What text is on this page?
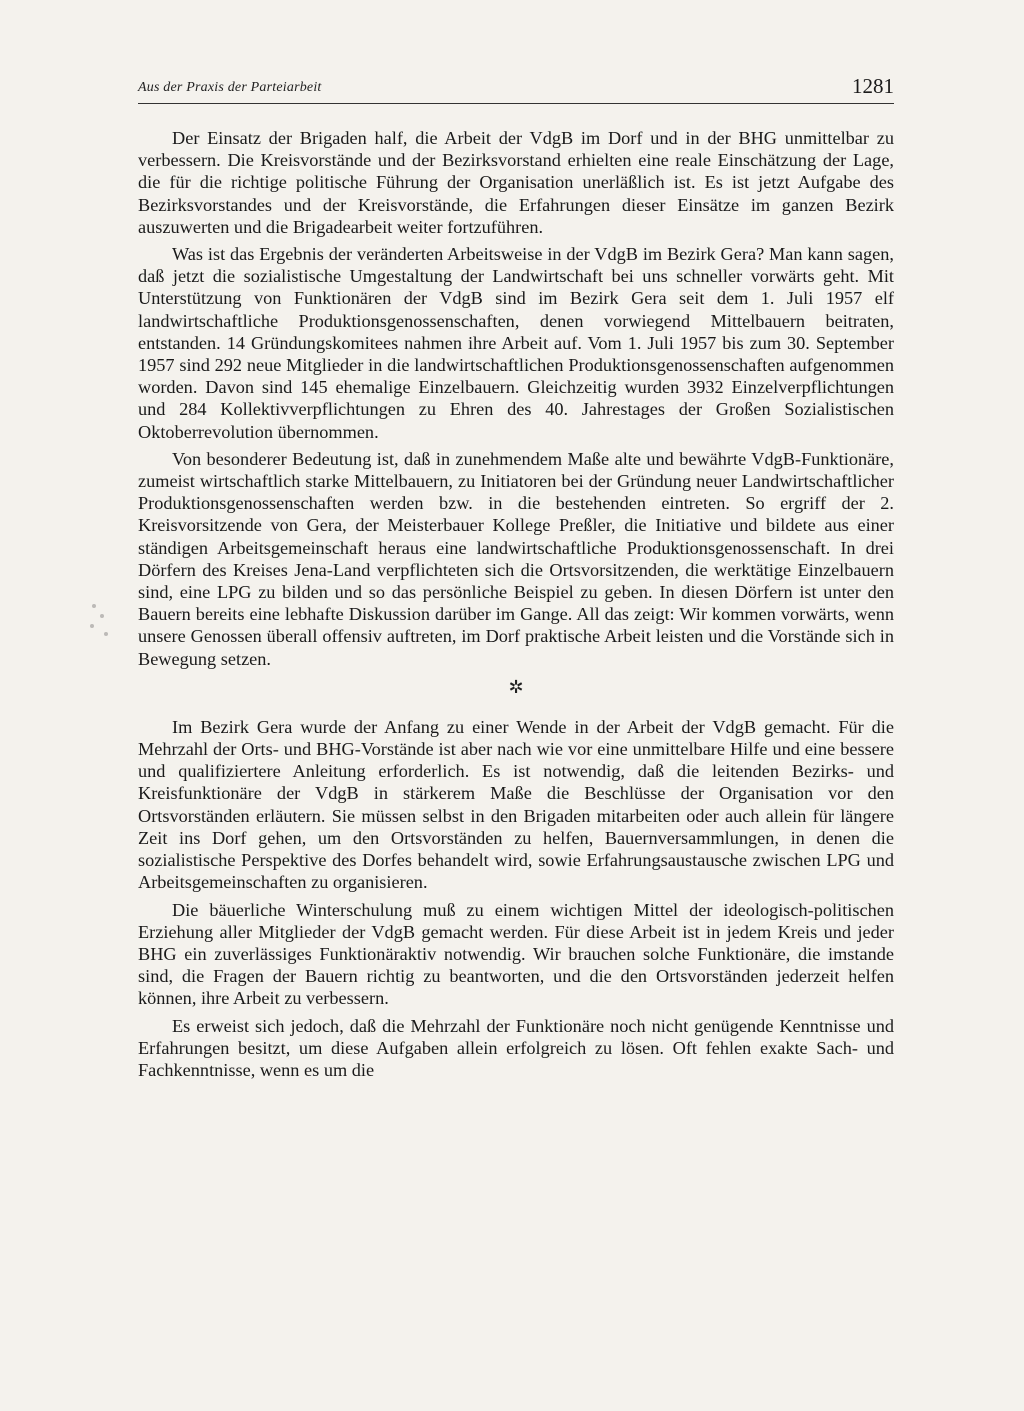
Aus der Praxis der Parteiarbeit	1281

Der Einsatz der Brigaden half, die Arbeit der VdgB im Dorf und in der BHG unmittelbar zu verbessern. Die Kreisvorstände und der Bezirksvorstand erhielten eine reale Einschätzung der Lage, die für die richtige politische Führung der Organisation unerläßlich ist. Es ist jetzt Aufgabe des Bezirksvorstandes und der Kreisvorstände, die Erfahrungen dieser Einsätze im ganzen Bezirk auszuwerten und die Brigadearbeit weiter fortzuführen.

Was ist das Ergebnis der veränderten Arbeitsweise in der VdgB im Bezirk Gera? Man kann sagen, daß jetzt die sozialistische Umgestaltung der Landwirtschaft bei uns schneller vorwärts geht. Mit Unterstützung von Funktionären der VdgB sind im Bezirk Gera seit dem 1. Juli 1957 elf landwirtschaftliche Produktionsgenossenschaften, denen vorwiegend Mittelbauern beitraten, entstanden. 14 Gründungskomitees nahmen ihre Arbeit auf. Vom 1. Juli 1957 bis zum 30. September 1957 sind 292 neue Mitglieder in die landwirtschaftlichen Produktionsgenossenschaften aufgenommen worden. Davon sind 145 ehemalige Einzelbauern. Gleichzeitig wurden 3932 Einzelverpflichtungen und 284 Kollektivverpflichtungen zu Ehren des 40. Jahrestages der Großen Sozialistischen Oktoberrevolution übernommen.

Von besonderer Bedeutung ist, daß in zunehmendem Maße alte und bewährte VdgB-Funktionäre, zumeist wirtschaftlich starke Mittelbauern, zu Initiatoren bei der Gründung neuer Landwirtschaftlicher Produktionsgenossenschaften werden bzw. in die bestehenden eintreten. So ergriff der 2. Kreisvorsitzende von Gera, der Meisterbauer Kollege Preßler, die Initiative und bildete aus einer ständigen Arbeitsgemeinschaft heraus eine landwirtschaftliche Produktionsgenossenschaft. In drei Dörfern des Kreises Jena-Land verpflichteten sich die Ortsvorsitzenden, die werktätige Einzelbauern sind, eine LPG zu bilden und so das persönliche Beispiel zu geben. In diesen Dörfern ist unter den Bauern bereits eine lebhafte Diskussion darüber im Gange. All das zeigt: Wir kommen vorwärts, wenn unsere Genossen überall offensiv auftreten, im Dorf praktische Arbeit leisten und die Vorstände sich in Bewegung setzen.

✲

Im Bezirk Gera wurde der Anfang zu einer Wende in der Arbeit der VdgB gemacht. Für die Mehrzahl der Orts- und BHG-Vorstände ist aber nach wie vor eine unmittelbare Hilfe und eine bessere und qualifiziertere Anleitung erforderlich. Es ist notwendig, daß die leitenden Bezirks- und Kreisfunktionäre der VdgB in stärkerem Maße die Beschlüsse der Organisation vor den Ortsvorständen erläutern. Sie müssen selbst in den Brigaden mitarbeiten oder auch allein für längere Zeit ins Dorf gehen, um den Ortsvorständen zu helfen, Bauernversammlungen, in denen die sozialistische Perspektive des Dorfes behandelt wird, sowie Erfahrungsaustausche zwischen LPG und Arbeitsgemeinschaften zu organisieren.

Die bäuerliche Winterschulung muß zu einem wichtigen Mittel der ideologisch-politischen Erziehung aller Mitglieder der VdgB gemacht werden. Für diese Arbeit ist in jedem Kreis und jeder BHG ein zuverlässiges Funktionäraktiv notwendig. Wir brauchen solche Funktionäre, die imstande sind, die Fragen der Bauern richtig zu beantworten, und die den Ortsvorständen jederzeit helfen können, ihre Arbeit zu verbessern.

Es erweist sich jedoch, daß die Mehrzahl der Funktionäre noch nicht genügende Kenntnisse und Erfahrungen besitzt, um diese Aufgaben allein erfolgreich zu lösen. Oft fehlen exakte Sach- und Fachkenntnisse, wenn es um die
